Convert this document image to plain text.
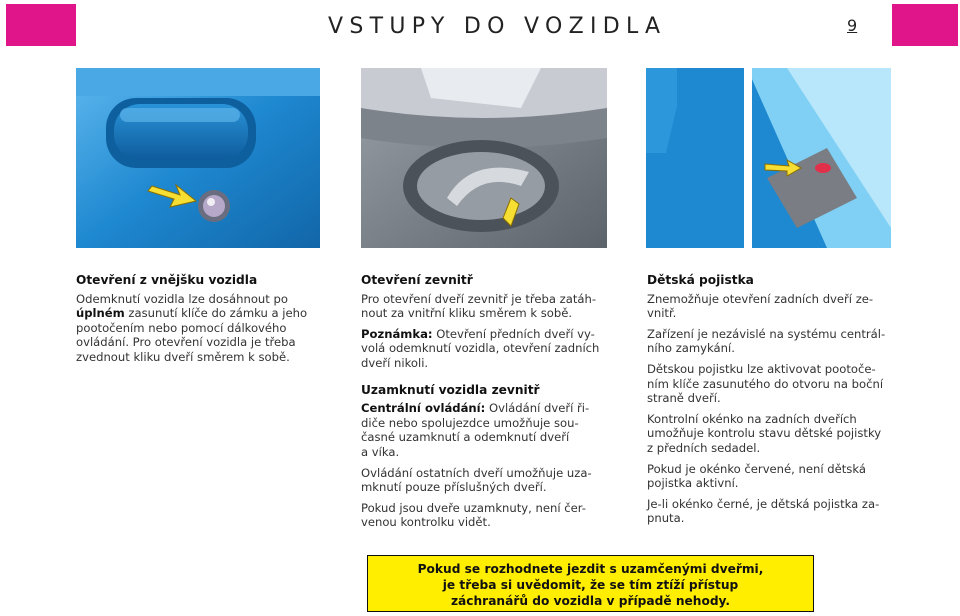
VSTUPY DO VOZIDLA	9

Otevření z vnějšku vozidla

Odemknutí vozidla lze dosáhnout po
úplném zasunutí klíče do zámku a jeho
pootočením nebo pomocí dálkového
ovládání. Pro otevření vozidla je třeba
zvednout kliku dveří směrem k sobě.

Otevření zevnitř

Pro otevření dveří zevnitř je třeba zatáh-
nout za vnitřní kliku směrem k sobě.

Poznámka: Otevření předních dveří vy-
volá odemknutí vozidla, otevření zadních
dveří nikoli.

Uzamknutí vozidla zevnitř

Centrální ovládání: Ovládání dveří ři-
diče nebo spolujezdce umožňuje sou-
časné uzamknutí a odemknutí dveří
a víka.

Ovládání ostatních dveří umožňuje uza-
mknutí pouze příslušných dveří.

Pokud jsou dveře uzamknuty, není čer-
venou kontrolku vidět.

Dětská pojistka

Znemožňuje otevření zadních dveří ze-
vnitř.

Zařízení je nezávislé na systému centrál-
ního zamykání.

Dětskou pojistku lze aktivovat pootoče-
ním klíče zasunutého do otvoru na boční
straně dveří.

Kontrolní okénko na zadních dveřích
umožňuje kontrolu stavu dětské pojistky
z předních sedadel.

Pokud je okénko červené, není dětská
pojistka aktivní.

Je-li okénko černé, je dětská pojistka za-
pnuta.

Pokud se rozhodnete jezdit s uzamčenými dveřmi,
je třeba si uvědomit, že se tím ztíží přístup
záchranářů do vozidla v případě nehody.
